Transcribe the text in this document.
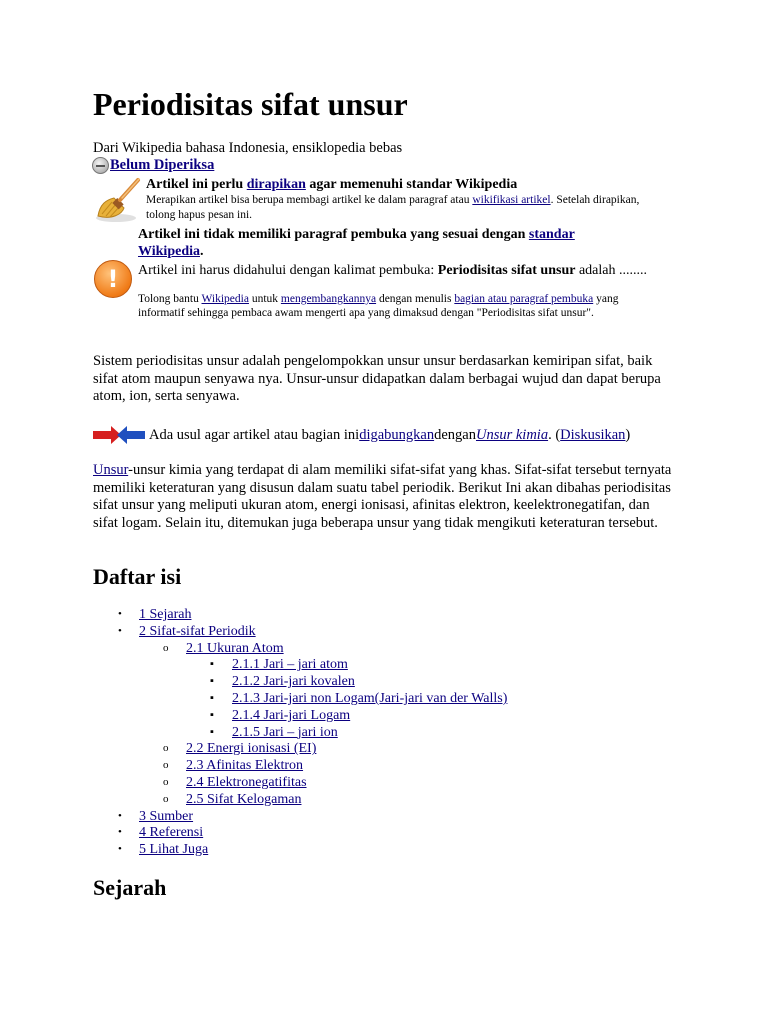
Periodisitas sifat unsur
Dari Wikipedia bahasa Indonesia, ensiklopedia bebas
Belum Diperiksa
Artikel ini perlu dirapikan agar memenuhi standar Wikipedia
Merapikan artikel bisa berupa membagi artikel ke dalam paragraf atau wikifikasi artikel. Setelah dirapikan, tolong hapus pesan ini.
!
Artikel ini tidak memiliki paragraf pembuka yang sesuai dengan standar Wikipedia.
Artikel ini harus didahului dengan kalimat pembuka: Periodisitas sifat unsur adalah ........
Tolong bantu Wikipedia untuk mengembangkannya dengan menulis bagian atau paragraf pembuka yang informatif sehingga pembaca awam mengerti apa yang dimaksud dengan "Periodisitas sifat unsur".
Sistem periodisitas unsur adalah pengelompokkan unsur unsur berdasarkan kemiripan sifat, baik sifat atom maupun senyawa nya. Unsur-unsur didapatkan dalam berbagai wujud dan dapat berupa atom, ion, serta senyawa.
Ada usul agar artikel atau bagian ini digabungkan dengan Unsur kimia . ( Diskusikan )
Unsur-unsur kimia yang terdapat di alam memiliki sifat-sifat yang khas. Sifat-sifat tersebut ternyata memiliki keteraturan yang disusun dalam suatu tabel periodik. Berikut Ini akan dibahas periodisitas sifat unsur yang meliputi ukuran atom, energi ionisasi, afinitas elektron, keelektronegatifan, dan sifat logam. Selain itu, ditemukan juga beberapa unsur yang tidak mengikuti keteraturan tersebut.
Daftar isi
• 1 Sejarah
• 2 Sifat-sifat Periodik
o 2.1 Ukuran Atom
▪ 2.1.1 Jari – jari atom
▪ 2.1.2 Jari-jari kovalen
▪ 2.1.3 Jari-jari non Logam(Jari-jari van der Walls)
▪ 2.1.4 Jari-jari Logam
▪ 2.1.5 Jari – jari ion
o 2.2 Energi ionisasi (EI)
o 2.3 Afinitas Elektron
o 2.4 Elektronegatifitas
o 2.5 Sifat Kelogaman
• 3 Sumber
• 4 Referensi
• 5 Lihat Juga
Sejarah
